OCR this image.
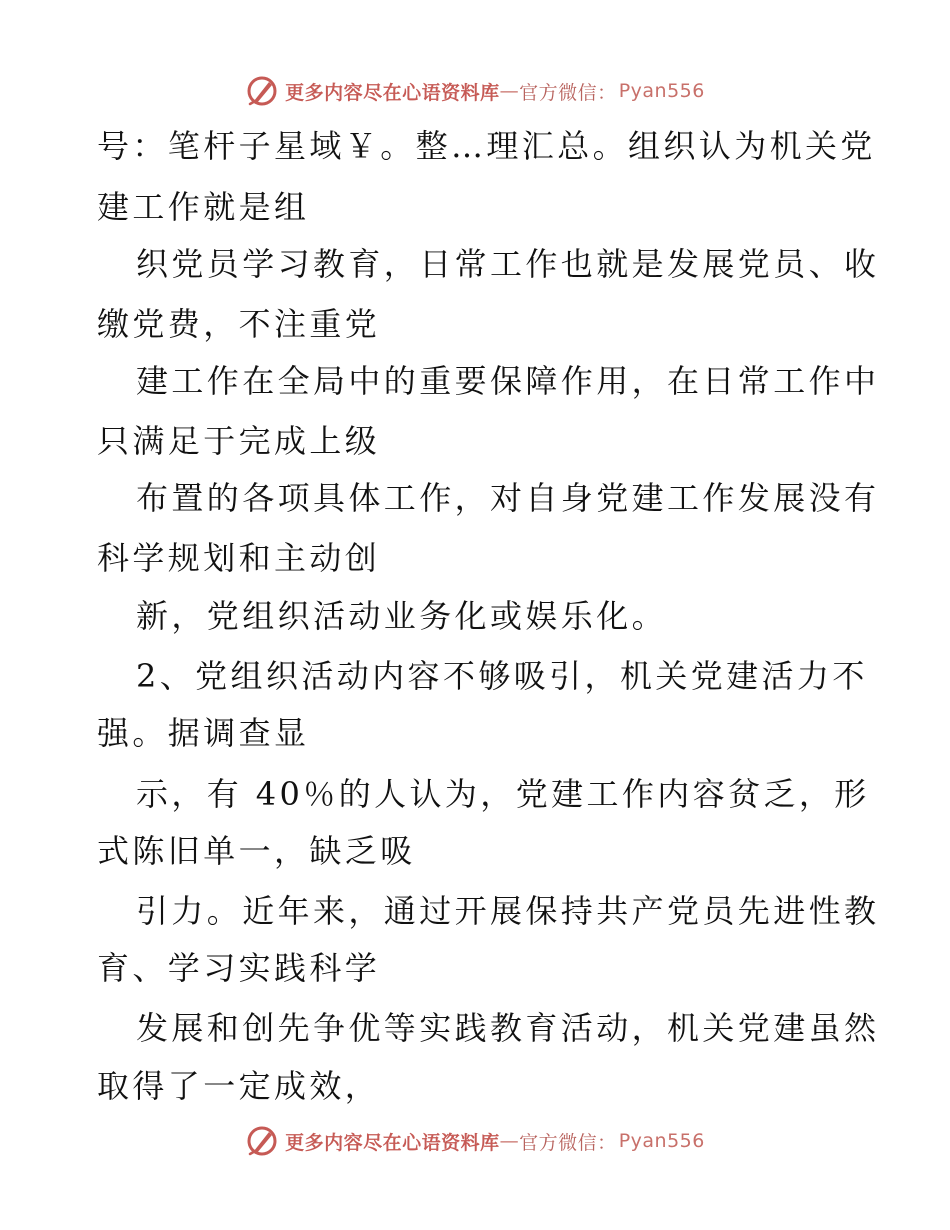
更多内容尽在心语资料库 — 官方微信： Pyan556
号：笔杆子星域￥。整…理汇总。组织认为机关党
建工作就是组
织党员学习教育，日常工作也就是发展党员、收
缴党费，不注重党
建工作在全局中的重要保障作用，在日常工作中
只满足于完成上级
布置的各项具体工作，对自身党建工作发展没有
科学规划和主动创
新，党组织活动业务化或娱乐化。
2、党组织活动内容不够吸引，机关党建活力不
强。据调查显
示，有 40％的人认为，党建工作内容贫乏，形
式陈旧单一，缺乏吸
引力。近年来，通过开展保持共产党员先进性教
育、学习实践科学
发展和创先争优等实践教育活动，机关党建虽然
取得了一定成效，
更多内容尽在心语资料库 — 官方微信： Pyan556
